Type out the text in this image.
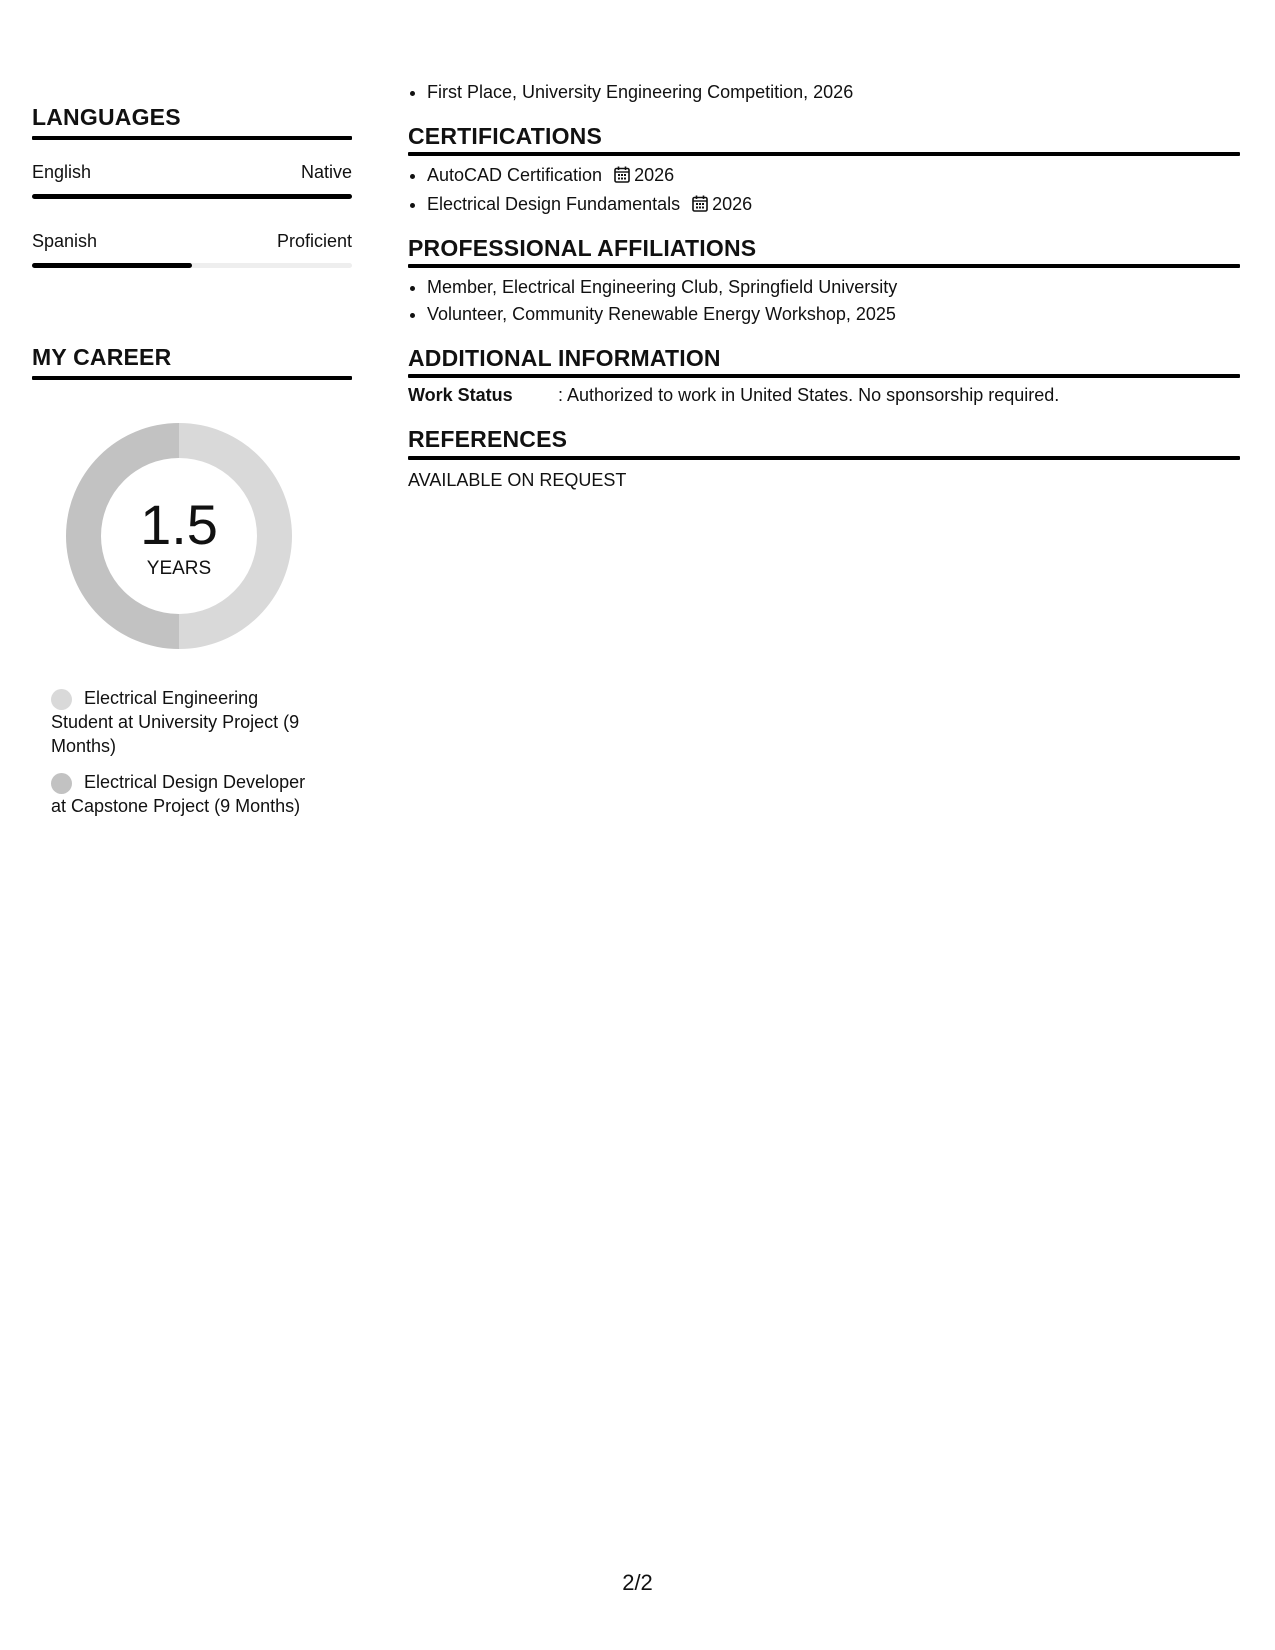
LANGUAGES
English	Native
Spanish	Proficient
MY CAREER
1.5
YEARS
Electrical Engineering Student at University Project (9 Months)
Electrical Design Developer at Capstone Project (9 Months)
• First Place, University Engineering Competition, 2026
CERTIFICATIONS
• AutoCAD Certification 2026
• Electrical Design Fundamentals 2026
PROFESSIONAL AFFILIATIONS
• Member, Electrical Engineering Club, Springfield University
• Volunteer, Community Renewable Energy Workshop, 2025
ADDITIONAL INFORMATION
Work Status	: Authorized to work in United States. No sponsorship required.
REFERENCES
AVAILABLE ON REQUEST
2/2
